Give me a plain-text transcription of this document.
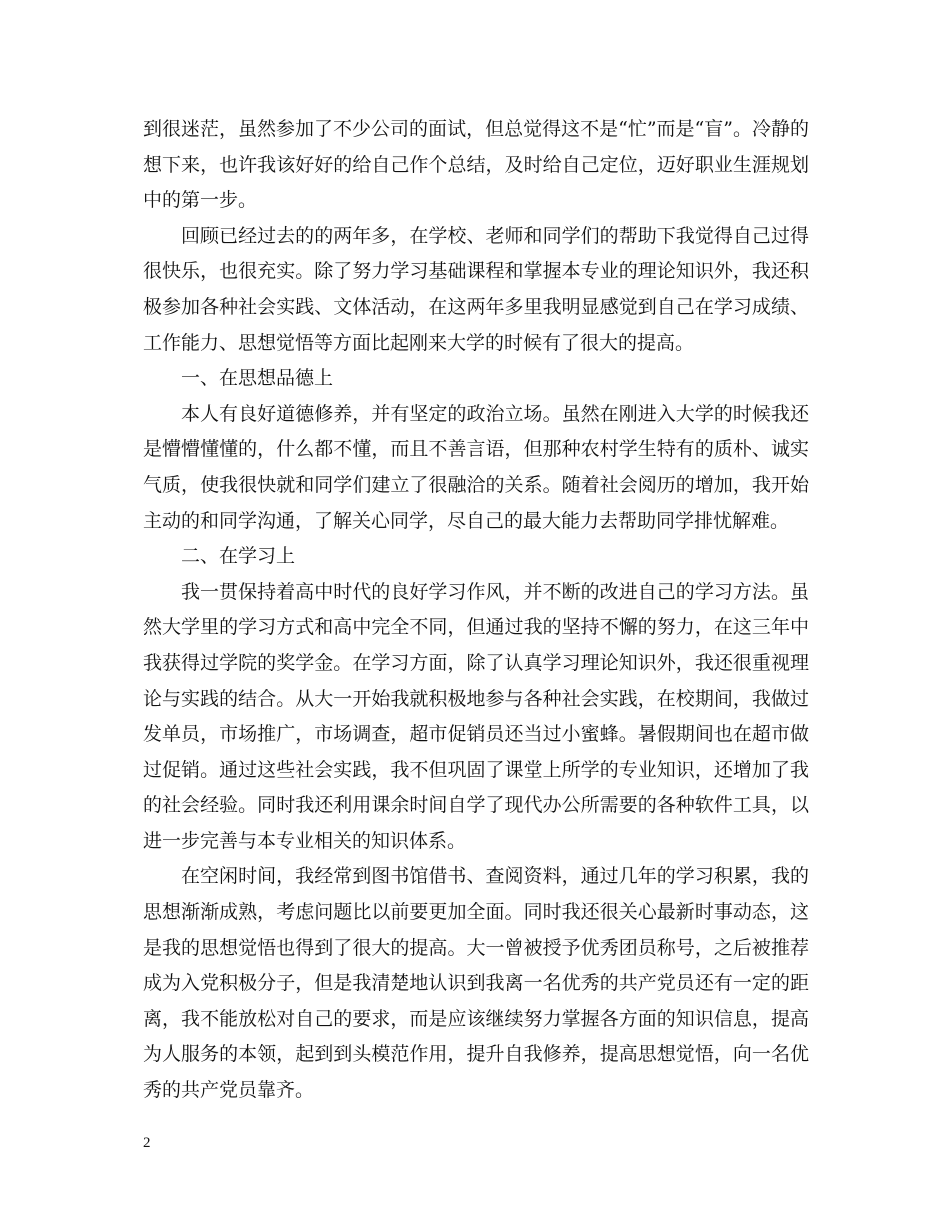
到很迷茫，虽然参加了不少公司的面试，但总觉得这不是“忙”而是“盲”。冷静的想下来，也许我该好好的给自己作个总结，及时给自己定位，迈好职业生涯规划中的第一步。

回顾已经过去的的两年多，在学校、老师和同学们的帮助下我觉得自己过得很快乐，也很充实。除了努力学习基础课程和掌握本专业的理论知识外，我还积极参加各种社会实践、文体活动，在这两年多里我明显感觉到自己在学习成绩、工作能力、思想觉悟等方面比起刚来大学的时候有了很大的提高。

一、在思想品德上

本人有良好道德修养，并有坚定的政治立场。虽然在刚进入大学的时候我还是懵懵懂懂的，什么都不懂，而且不善言语，但那种农村学生特有的质朴、诚实气质，使我很快就和同学们建立了很融洽的关系。随着社会阅历的增加，我开始主动的和同学沟通，了解关心同学，尽自己的最大能力去帮助同学排忧解难。

二、在学习上

我一贯保持着高中时代的良好学习作风，并不断的改进自己的学习方法。虽然大学里的学习方式和高中完全不同，但通过我的坚持不懈的努力，在这三年中我获得过学院的奖学金。在学习方面，除了认真学习理论知识外，我还很重视理论与实践的结合。从大一开始我就积极地参与各种社会实践，在校期间，我做过发单员，市场推广，市场调查，超市促销员还当过小蜜蜂。暑假期间也在超市做过促销。通过这些社会实践，我不但巩固了课堂上所学的专业知识，还增加了我的社会经验。同时我还利用课余时间自学了现代办公所需要的各种软件工具，以进一步完善与本专业相关的知识体系。

在空闲时间，我经常到图书馆借书、查阅资料，通过几年的学习积累，我的思想渐渐成熟，考虑问题比以前要更加全面。同时我还很关心最新时事动态，这是我的思想觉悟也得到了很大的提高。大一曾被授予优秀团员称号，之后被推荐成为入党积极分子，但是我清楚地认识到我离一名优秀的共产党员还有一定的距离，我不能放松对自己的要求，而是应该继续努力掌握各方面的知识信息，提高为人服务的本领，起到到头模范作用，提升自我修养，提高思想觉悟，向一名优秀的共产党员靠齐。

2
